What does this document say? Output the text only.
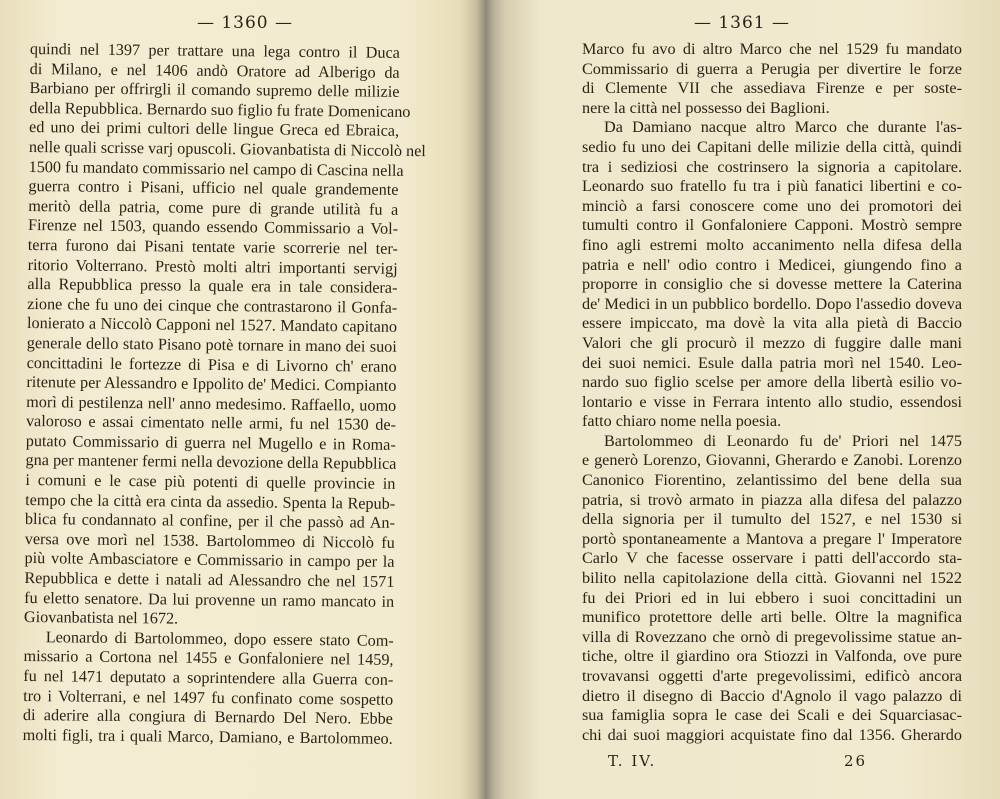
— 1360 —
quindi nel 1397 per trattare una lega contro il Duca
di Milano, e nel 1406 andò Oratore ad Alberigo da
Barbiano per offrirgli il comando supremo delle milizie
della Repubblica. Bernardo suo figlio fu frate Domenicano
ed uno dei primi cultori delle lingue Greca ed Ebraica,
nelle quali scrisse varj opuscoli. Giovanbatista di Niccolò nel
1500 fu mandato commissario nel campo di Cascina nella
guerra contro i Pisani, ufficio nel quale grandemente
meritò della patria, come pure di grande utilità fu a
Firenze nel 1503, quando essendo Commissario a Vol-
terra furono dai Pisani tentate varie scorrerie nel ter-
ritorio Volterrano. Prestò molti altri importanti servigj
alla Repubblica presso la quale era in tale considera-
zione che fu uno dei cinque che contrastarono il Gonfa-
lonierato a Niccolò Capponi nel 1527. Mandato capitano
generale dello stato Pisano potè tornare in mano dei suoi
concittadini le fortezze di Pisa e di Livorno ch' erano
ritenute per Alessandro e Ippolito de' Medici. Compianto
morì di pestilenza nell' anno medesimo. Raffaello, uomo
valoroso e assai cimentato nelle armi, fu nel 1530 de-
putato Commissario di guerra nel Mugello e in Roma-
gna per mantener fermi nella devozione della Repubblica
i comuni e le case più potenti di quelle provincie in
tempo che la città era cinta da assedio. Spenta la Repub-
blica fu condannato al confine, per il che passò ad An-
versa ove morì nel 1538. Bartolommeo di Niccolò fu
più volte Ambasciatore e Commissario in campo per la
Repubblica e dette i natali ad Alessandro che nel 1571
fu eletto senatore. Da lui provenne un ramo mancato in
Giovanbatista nel 1672.
Leonardo di Bartolommeo, dopo essere stato Com-
missario a Cortona nel 1455 e Gonfaloniere nel 1459,
fu nel 1471 deputato a soprintendere alla Guerra con-
tro i Volterrani, e nel 1497 fu confinato come sospetto
di aderire alla congiura di Bernardo Del Nero. Ebbe
molti figli, tra i quali Marco, Damiano, e Bartolommeo.
— 1361 —
Marco fu avo di altro Marco che nel 1529 fu mandato
Commissario di guerra a Perugia per divertire le forze
di Clemente VII che assediava Firenze e per soste-
nere la città nel possesso dei Baglioni.
Da Damiano nacque altro Marco che durante l'as-
sedio fu uno dei Capitani delle milizie della città, quindi
tra i sediziosi che costrinsero la signoria a capitolare.
Leonardo suo fratello fu tra i più fanatici libertini e co-
minciò a farsi conoscere come uno dei promotori dei
tumulti contro il Gonfaloniere Capponi. Mostrò sempre
fino agli estremi molto accanimento nella difesa della
patria e nell' odio contro i Medicei, giungendo fino a
proporre in consiglio che si dovesse mettere la Caterina
de' Medici in un pubblico bordello. Dopo l'assedio doveva
essere impiccato, ma dovè la vita alla pietà di Baccio
Valori che gli procurò il mezzo di fuggire dalle mani
dei suoi nemici. Esule dalla patria morì nel 1540. Leo-
nardo suo figlio scelse per amore della libertà esilio vo-
lontario e visse in Ferrara intento allo studio, essendosi
fatto chiaro nome nella poesia.
Bartolommeo di Leonardo fu de' Priori nel 1475
e generò Lorenzo, Giovanni, Gherardo e Zanobi. Lorenzo
Canonico Fiorentino, zelantissimo del bene della sua
patria, si trovò armato in piazza alla difesa del palazzo
della signoria per il tumulto del 1527, e nel 1530 si
portò spontaneamente a Mantova a pregare l' Imperatore
Carlo V che facesse osservare i patti dell'accordo sta-
bilito nella capitolazione della città. Giovanni nel 1522
fu dei Priori ed in lui ebbero i suoi concittadini un
munifico protettore delle arti belle. Oltre la magnifica
villa di Rovezzano che ornò di pregevolissime statue an-
tiche, oltre il giardino ora Stiozzi in Valfonda, ove pure
trovavansi oggetti d'arte pregevolissimi, edificò ancora
dietro il disegno di Baccio d'Agnolo il vago palazzo di
sua famiglia sopra le case dei Scali e dei Squarciasac-
chi dai suoi maggiori acquistate fino dal 1356. Gherardo
T. IV.	26
